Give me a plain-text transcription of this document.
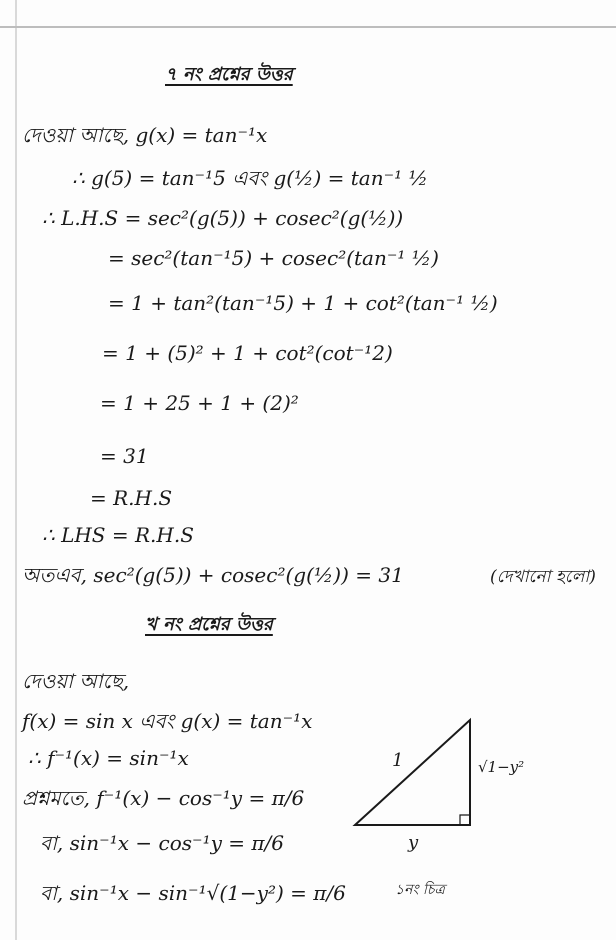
৭ নং প্রশ্নের উত্তর
দেওয়া আছে, g(x) = tan⁻¹x
∴ g(5) = tan⁻¹5 এবং g(½) = tan⁻¹ ½
∴ L.H.S = sec²(g(5)) + cosec²(g(½))
= sec²(tan⁻¹5) + cosec²(tan⁻¹ ½)
= 1 + tan²(tan⁻¹5) + 1 + cot²(tan⁻¹ ½)
= 1 + (5)² + 1 + cot²(cot⁻¹2)
= 1 + 25 + 1 + (2)²
= 31
= R.H.S
∴ LHS = R.H.S
অতএব, sec²(g(5)) + cosec²(g(½)) = 31	(দেখানো হলো)
খ নং প্রশ্নের উত্তর
দেওয়া আছে,
f(x) = sin x এবং g(x) = tan⁻¹x
∴ f⁻¹(x) = sin⁻¹x
প্রশ্নমতে, f⁻¹(x) − cos⁻¹y = π/6
বা, sin⁻¹x − cos⁻¹y = π/6
বা, sin⁻¹x − sin⁻¹√(1−y²) = π/6
1	√1−y²
y
১নং চিত্র
